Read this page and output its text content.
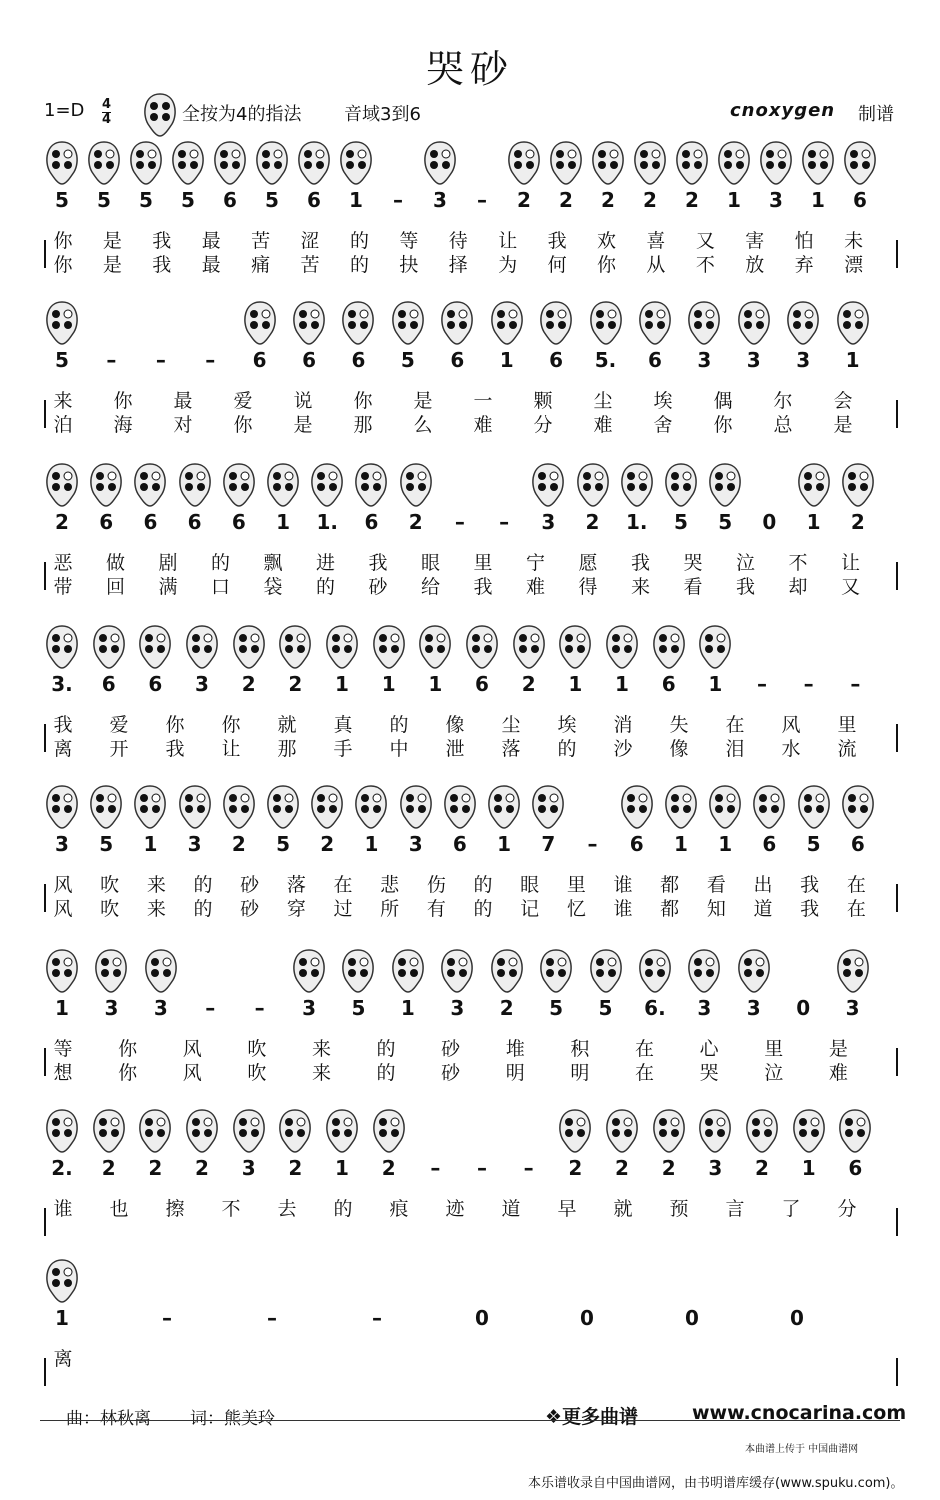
哭砂
1=D 4
4	全按为4的指法 音域3到6	cnoxygen 制谱
5 5 5 5 6 5 6 1	–	3	–	2 2 2 2 2 1 3 1 6
你 是 我 最 苦 涩 的 等 待 让 我 欢 喜 又 害 怕 未
你 是 我 最 痛 苦 的 抉 择 为 何 你 从 不 放 弃 漂
5	–	–	–	6 6 6 5 6 1 6 5. 6 3 3 3 1
来 你 最 爱 说 你 是 一 颗 尘 埃 偶 尔 会
泊 海 对 你 是 那 么 难 分 难 舍 你 总 是
2 6 6 6 6 1 1. 6 2	–	–	3 2 1. 5 5 0 1 2
恶 做 剧 的 飘 进 我 眼 里 宁 愿 我 哭 泣 不 让
带 回 满 口 袋 的 砂 给 我 难 得 来 看 我 却 又
3. 6 6 3 2 2 1 1 1 6 2 1 1 6 1	–	–	–
我 爱 你 你 就 真 的 像 尘 埃 消 失 在 风 里
离 开 我 让 那 手 中 泄 落 的 沙 像 泪 水 流
3 5 1 3 2 5 2 1 3 6 1 7	–	6 1 1 6 5 6
风 吹 来 的 砂 落 在 悲 伤 的 眼 里 谁 都 看 出 我 在
风 吹 来 的 砂 穿 过 所 有 的 记 忆 谁 都 知 道 我 在
1 3 3	–	–	3 5 1 3 2 5 5 6. 3 3 0 3
等 你 风 吹 来 的 砂 堆 积 在 心 里 是
想 你 风 吹 来 的 砂 明 明 在 哭 泣 难
2. 2 2 2 3 2 1 2	–	–	–	2 2 2 3 2 1 6
谁 也 擦 不 去 的 痕 迹 道 早 就 预 言 了 分
1	–	–	–	0	0	0	0
离
曲：林秋离 词：熊美玲	❖更多曲谱	www.cnocarina.com
本曲谱上传于 中国曲谱网
本乐谱收录自中国曲谱网，由书明谱库缓存(www.spuku.com)。
